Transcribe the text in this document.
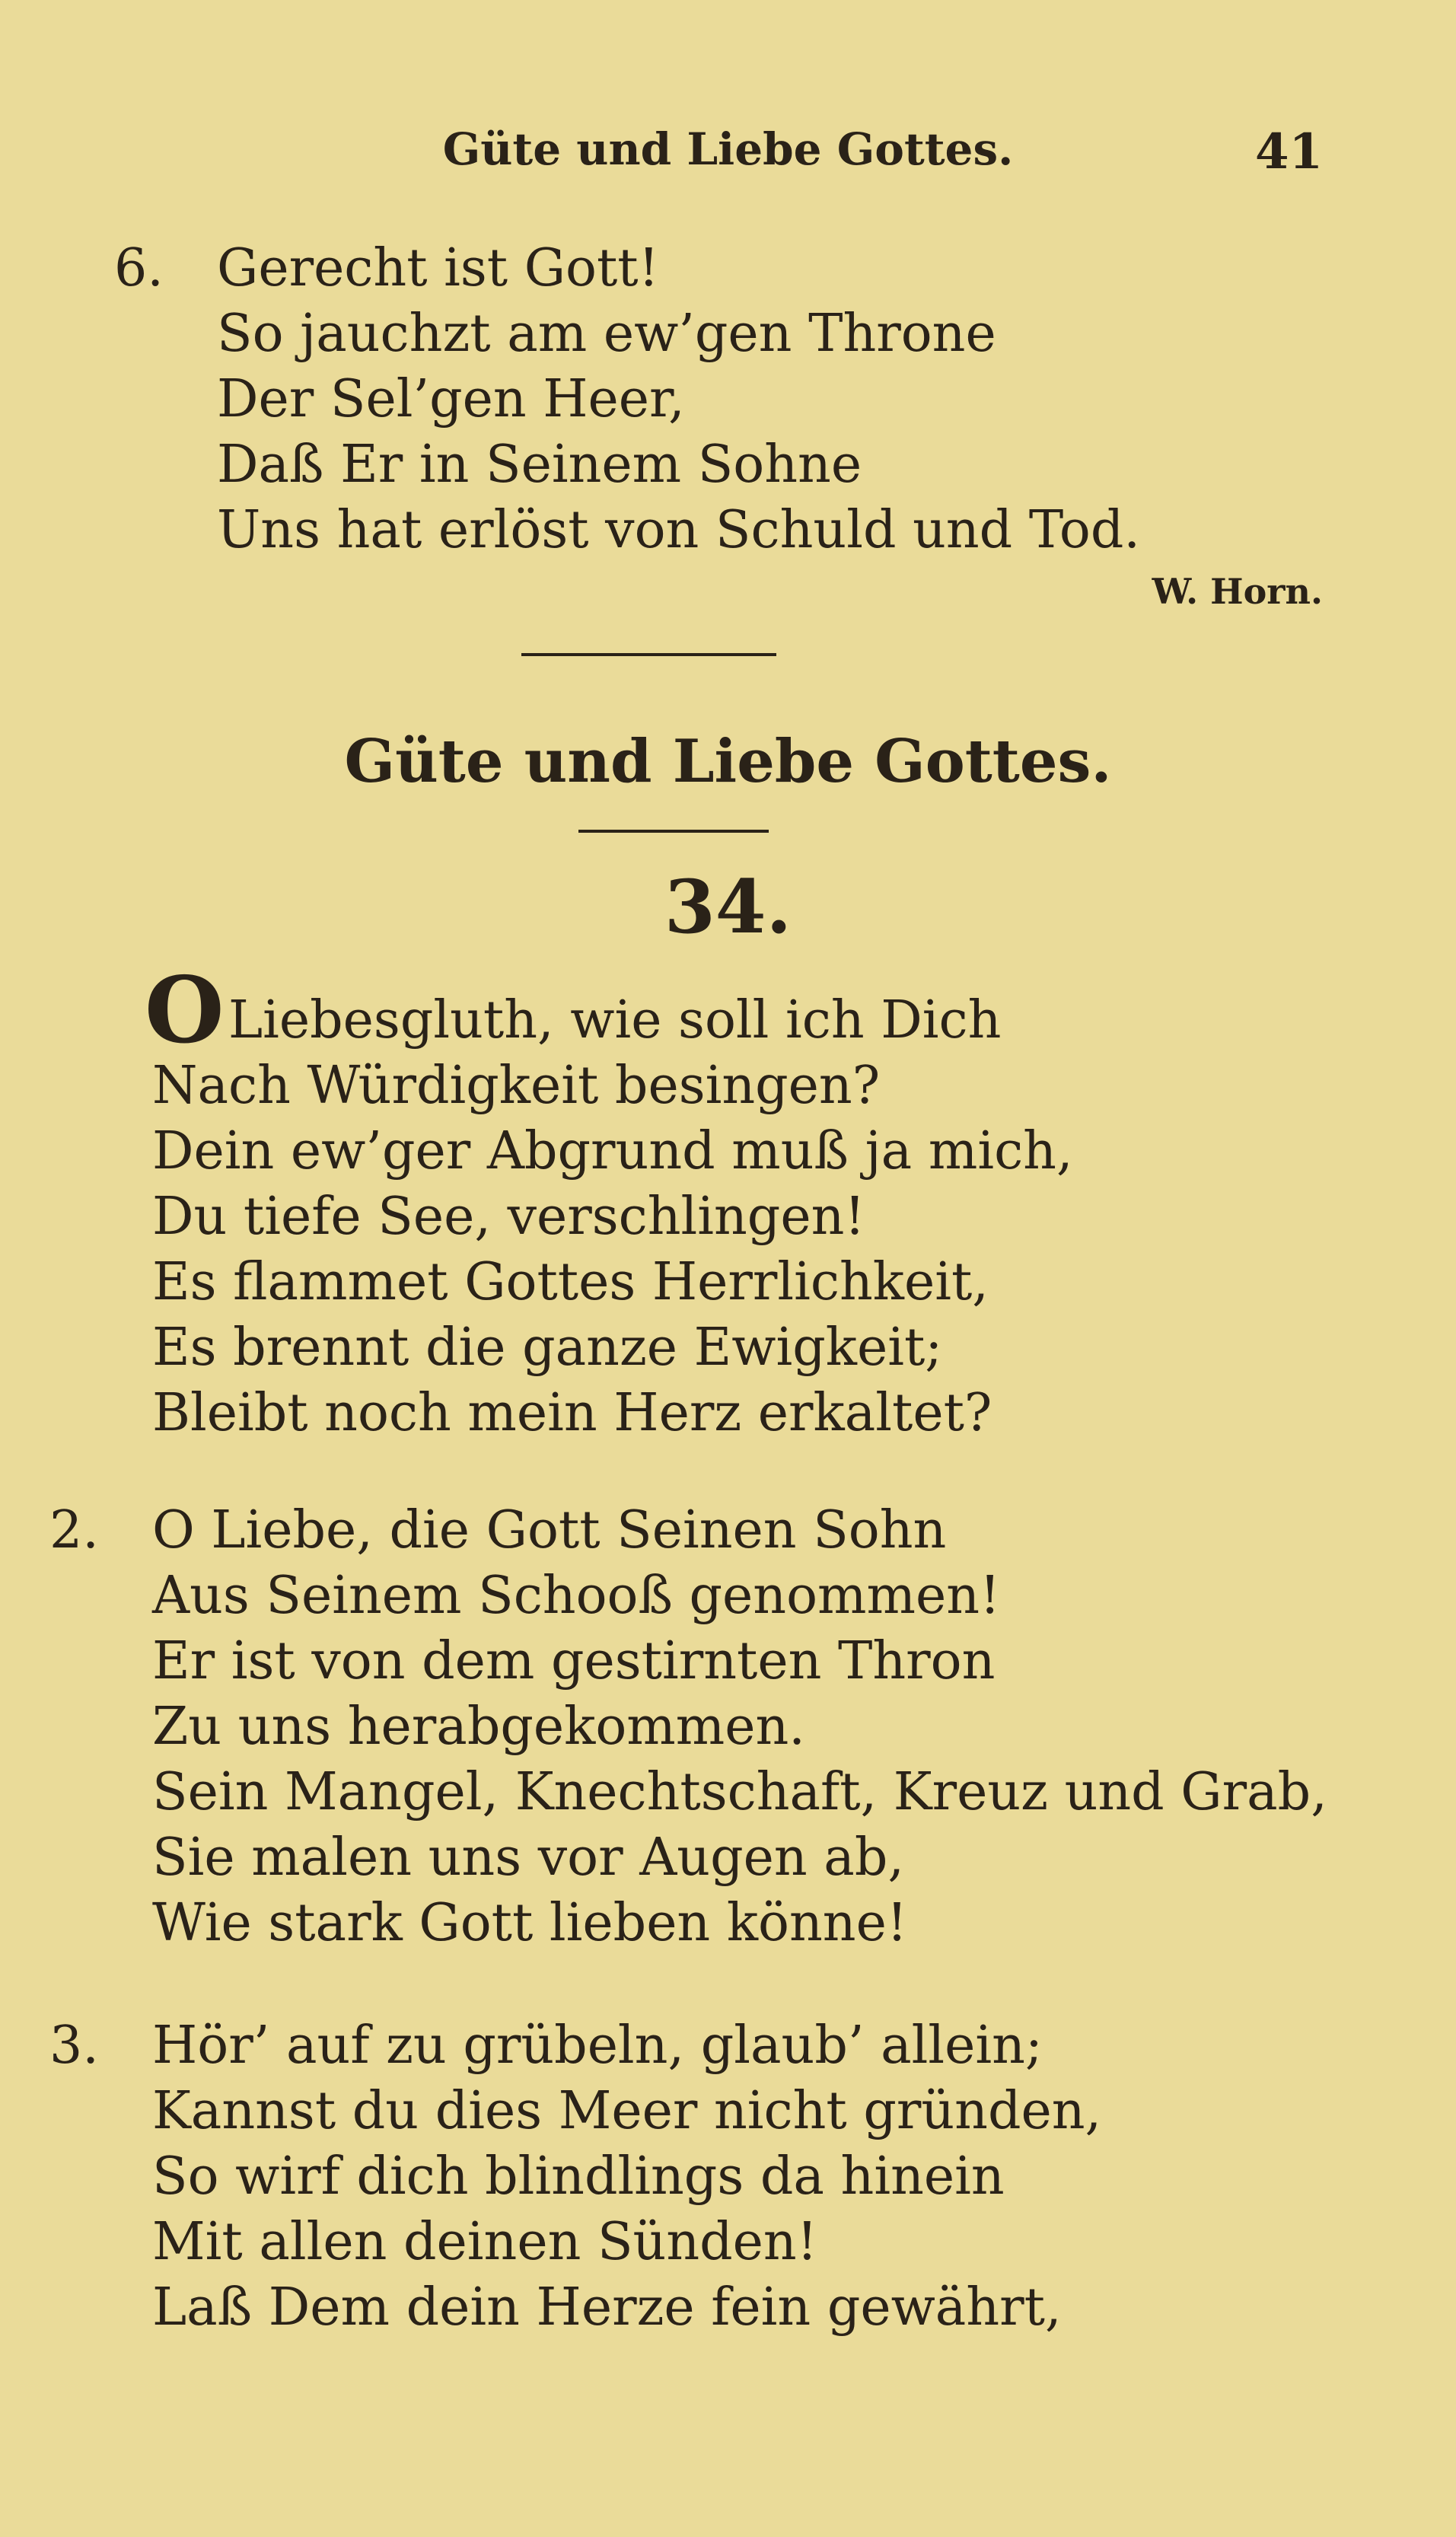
Güte und Liebe Gottes.	41
6. Gerecht ist Gott!
So jauchzt am ew’gen Throne
Der Sel’gen Heer,
Daß Er in Seinem Sohne
Uns hat erlöst von Schuld und Tod.
W. Horn.
Güte und Liebe Gottes.
34.
O Liebesgluth, wie soll ich Dich
Nach Würdigkeit besingen?
Dein ew’ger Abgrund muß ja mich,
Du tiefe See, verschlingen!
Es flammet Gottes Herrlichkeit,
Es brennt die ganze Ewigkeit;
Bleibt noch mein Herz erkaltet?
2. O Liebe, die Gott Seinen Sohn
Aus Seinem Schooß genommen!
Er ist von dem gestirnten Thron
Zu uns herabgekommen.
Sein Mangel, Knechtschaft, Kreuz und Grab,
Sie malen uns vor Augen ab,
Wie stark Gott lieben könne!
3. Hör’ auf zu grübeln, glaub’ allein;
Kannst du dies Meer nicht gründen,
So wirf dich blindlings da hinein
Mit allen deinen Sünden!
Laß Dem dein Herze fein gewährt,
